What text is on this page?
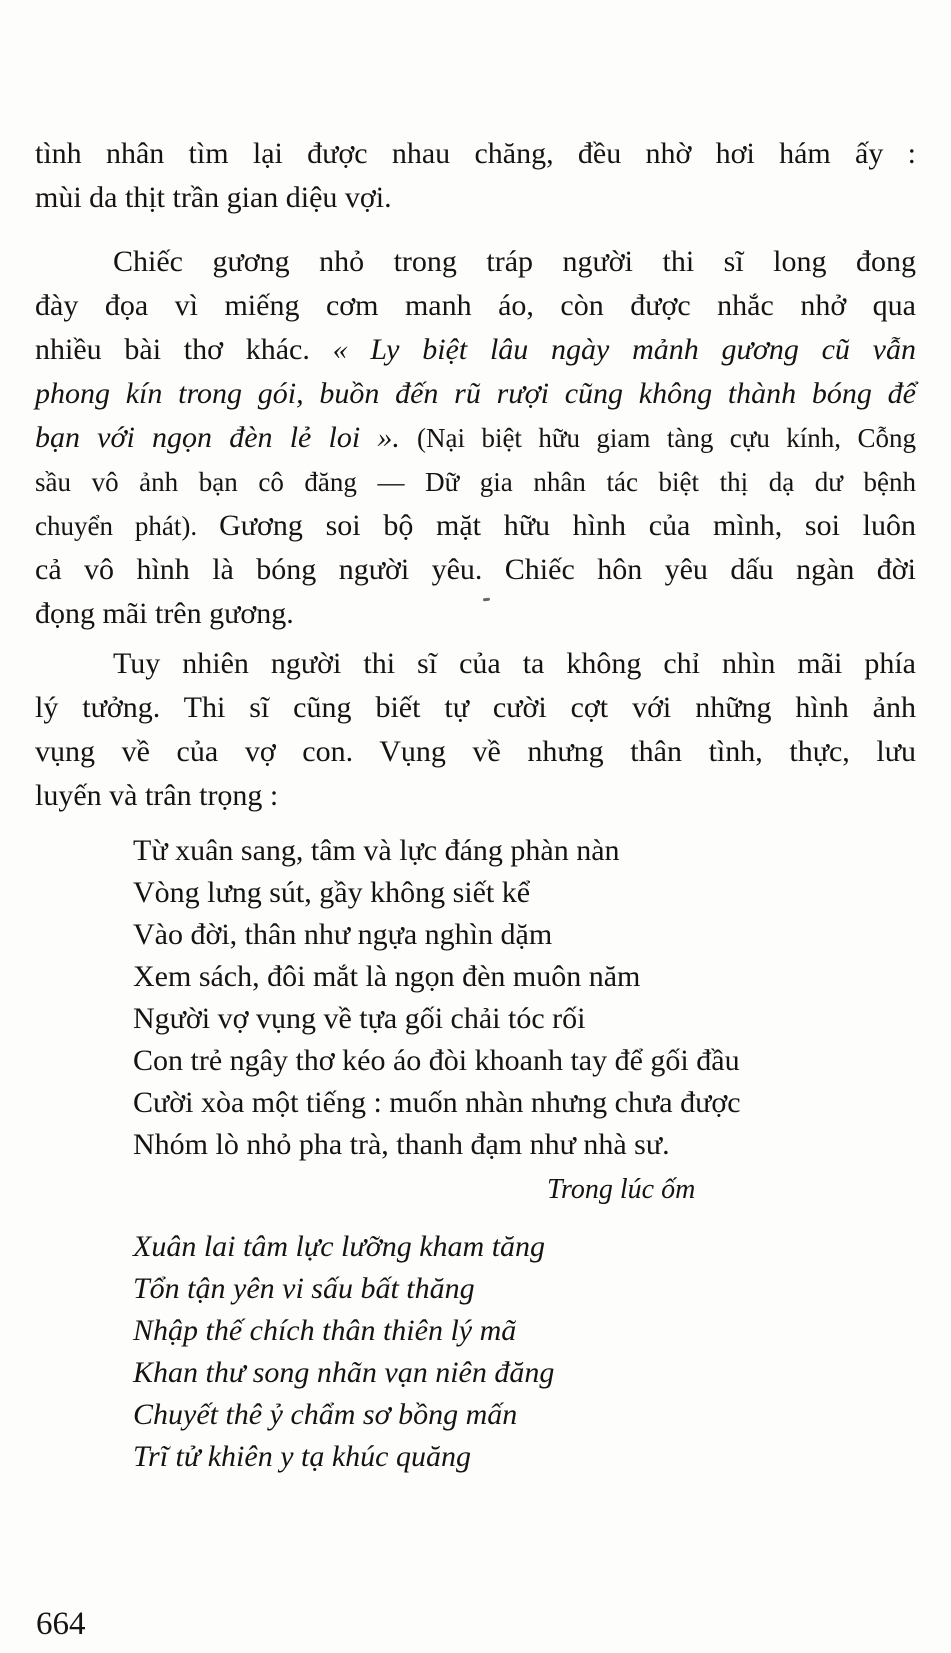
tình nhân tìm lại được nhau chăng, đều nhờ hơi hám ấy :
mùi da thịt trần gian diệu vợi.
Chiếc gương nhỏ trong tráp người thi sĩ long đong
đày đọa vì miếng cơm manh áo, còn được nhắc nhở qua
nhiều bài thơ khác. « Ly biệt lâu ngày mảnh gương cũ vẫn
phong kín trong gói, buồn đến rũ rượi cũng không thành bóng để
bạn với ngọn đèn lẻ loi ». (Nại biệt hữu giam tàng cựu kính, Cỗng
sầu vô ảnh bạn cô đăng — Dữ gia nhân tác biệt thị dạ dư bệnh
chuyển phát). Gương soi bộ mặt hữu hình của mình, soi luôn
cả vô hình là bóng người yêu. Chiếc hôn yêu dấu ngàn đời
đọng mãi trên gương.
Tuy nhiên người thi sĩ của ta không chỉ nhìn mãi phía
lý tưởng. Thi sĩ cũng biết tự cười cợt với những hình ảnh
vụng về của vợ con. Vụng về nhưng thân tình, thực, lưu
luyến và trân trọng :
Từ xuân sang, tâm và lực đáng phàn nàn
Vòng lưng sút, gầy không siết kể
Vào đời, thân như ngựa nghìn dặm
Xem sách, đôi mắt là ngọn đèn muôn năm
Người vợ vụng về tựa gối chải tóc rối
Con trẻ ngây thơ kéo áo đòi khoanh tay để gối đầu
Cười xòa một tiếng : muốn nhàn nhưng chưa được
Nhóm lò nhỏ pha trà, thanh đạm như nhà sư.
Trong lúc ốm
Xuân lai tâm lực lưỡng kham tăng
Tổn tận yên vi sấu bất thăng
Nhập thế chích thân thiên lý mã
Khan thư song nhãn vạn niên đăng
Chuyết thê ỷ chẩm sơ bồng mấn
Trĩ tử khiên y tạ khúc quăng
664
